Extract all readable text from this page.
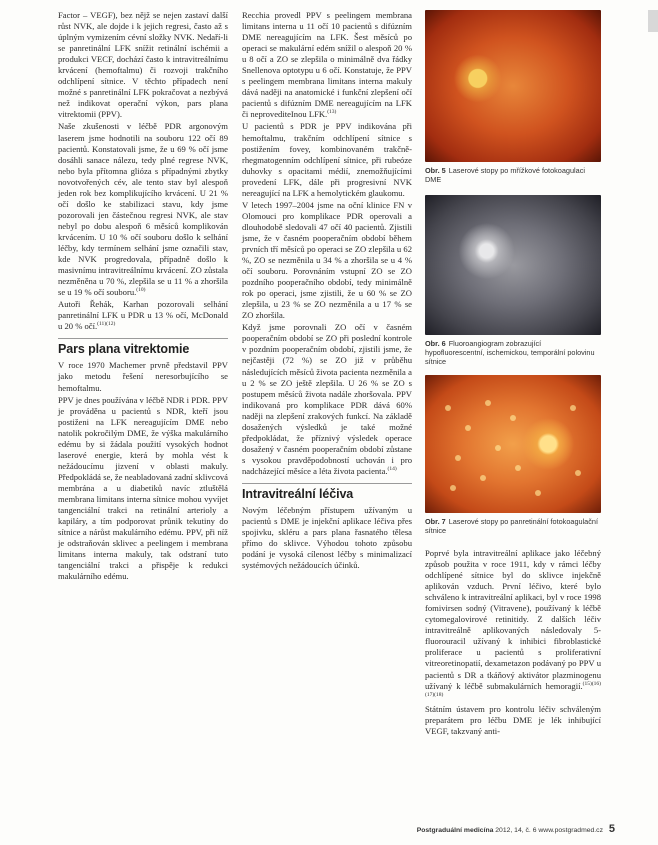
Factor – VEGF), bez nějž se nejen zastaví další růst NVK, ale dojde i k jejich regresi, často až s úplným vymizením cévní složky NVK. Nedaří-li se panretinální LFK snížit retinální ischémii a produkci VECF, dochází často k intravitreálnímu krvácení (hemoftalmu) či rozvoji trakčního odchlípení sítnice. V těchto případech není možné s panretinální LFK pokračovat a nezbývá než indikovat operační výkon, pars plana vitrektomii (PPV).

Naše zkušenosti v léčbě PDR argonovým laserem jsme hodnotili na souboru 122 očí 89 pacientů. Konstatovali jsme, že u 69 % očí jsme dosáhli sanace nálezu, tedy plné regrese NVK, nebo byla přítomna glióza s případnými zbytky novotvořených cév, ale tento stav byl alespoň jeden rok bez komplikujícího krvácení. U 21 % očí došlo ke stabilizaci stavu, kdy jsme pozorovali jen částečnou regresi NVK, ale stav nebyl po dobu alespoň 6 měsíců komplikován krvácením. U 10 % očí souboru došlo k selhání léčby, kdy termínem selhání jsme označili stav, kde NVK progredovala, případně došlo k masivnímu intravitreálnímu krvácení. ZO zůstala nezměněna u 70 %, zlepšila se u 11 % a zhoršila se u 19 % očí souboru.$^{(10)}$

Autoři Řehák, Karhan pozorovali selhání panretinální LFK u PDR u 13 % očí, McDonald u 20 % očí.$^{(11)(12)}$

Pars plana vitrektomie

V roce 1970 Machemer prvně představil PPV jako metodu řešení neresorbujícího se hemoftalmu.

PPV je dnes používána v léčbě NDR i PDR. PPV je prováděna u pacientů s NDR, kteří jsou postiženi na LFK nereagujícím DME nebo natolik pokročilým DME, že výška makulárního edému by si žádala použití vysokých hodnot laserové energie, která by mohla vést k nežádoucímu jizvení v oblasti makuly. Předpokládá se, že neabladovaná zadní sklivcová membrána a u diabetiků navíc ztluštělá membrana limitans interna sítnice mohou vyvíjet tangenciální trakci na retinální arterioly a kapiláry, a tím podporovat průnik tekutiny do sítnice a nárůst makulárního edému. PPV, při níž je odstraňován sklivec a peelingem i membrana limitans interna makuly, tak odstraní tuto tangenciální trakci a přispěje k redukci makulárního edému.

Recchia provedl PPV s peelingem membrana limitans interna u 11 očí 10 pacientů s difúzním DME nereagujícím na LFK. Šest měsíců po operaci se makulární edém snížil o alespoň 20 % u 8 očí a ZO se zlepšila o minimálně dva řádky Snellenova optotypu u 6 očí. Konstatuje, že PPV s peelingem membrana limitans interna makuly dává naději na anatomické i funkční zlepšení očí pacientů s difúzním DME nereagujícím na LFK či neprovediteInou LFK.$^{(13)}$

U pacientů s PDR je PPV indikována při hemoftalmu, trakčním odchlípení sítnice s postižením fovey, kombinovaném trakčně-rhegmatogenním odchlípení sítnice, při rubeóze duhovky s opacitami médií, znemožňujícími provedení LFK, dále při progresivní NVK nereagující na LFK a hemolytickém glaukomu.

V letech 1997–2004 jsme na oční klinice FN v Olomouci pro komplikace PDR operovali a dlouhodobě sledovali 47 očí 40 pacientů. Zjistili jsme, že v časném pooperačním období během prvních tří měsíců po operaci se ZO zlepšila u 62 %, ZO se nezměnila u 34 % a zhoršila se u 4 % očí souboru. Porovnáním vstupní ZO se ZO pozdního pooperačního období, tedy minimálně rok po operaci, jsme zjistili, že u 60 % se ZO zlepšila, u 23 % se ZO nezměnila a u 17 % se ZO zhoršila.

Když jsme porovnali ZO očí v časném pooperačním období se ZO při poslední kontrole v pozdním pooperačním období, zjistili jsme, že nejčastěji (72 %) se ZO již v průběhu následujících měsíců života pacienta nezměnila a u 2 % se ZO ještě zlepšila. U 26 % se ZO s postupem měsíců života nadále zhoršovala. PPV indikovaná pro komplikace PDR dává 60% naději na zlepšení zrakových funkcí. Na základě dosažených výsledků je také možné předpokládat, že příznivý výsledek operace dosažený v časném pooperačním období zůstane s vysokou pravděpodobností uchován i pro nadcházející měsíce a léta života pacienta.$^{(14)}$

Intravitreální léčiva

Novým léčebným přístupem užívaným u pacientů s DME je injekční aplikace léčiva přes spojivku, skléru a pars plana řasnatého tělesa přímo do sklivce. Výhodou tohoto způsobu podání je vysoká cílenost léčby s minimalizací systémových nežádoucích účinků.

Obr. 5 Laserové stopy po mřížkové fotokoagulaci DME
Obr. 6 Fluoroangiogram zobrazující hypofluorescentní, ischemickou, temporální polovinu sítnice
Obr. 7 Laserové stopy po panretinální fotokoagulační sítnice

Poprvé byla intravitreální aplikace jako léčebný způsob použita v roce 1911, kdy v rámci léčby odchlípené sítnice byl do sklivce injekčně aplikován vzduch. První léčivo, které bylo schváleno k intravitreální aplikaci, byl v roce 1998 fomivirsen sodný (Vitravene), používaný k léčbě cytomegalovirové retinitidy. Z dalších léčiv intravitreálně aplikovaných následovaly 5-fluorouracil užívaný k inhibici fibroblastické proliferace u pacientů s proliferativní vitreoretinopatií, dexametazon podávaný po PPV u pacientů s DR a tkáňový aktivátor plazminogenu užívaný k léčbě submakulárních hemoragií.$^{(15)(16)(17)(18)}$

Státním ústavem pro kontrolu léčiv schváleným preparátem pro léčbu DME je lék inhibující VEGF, takzvaný anti-

Postgraduální medicína 2012, 14, č. 6 www.postgradmed.cz 5
